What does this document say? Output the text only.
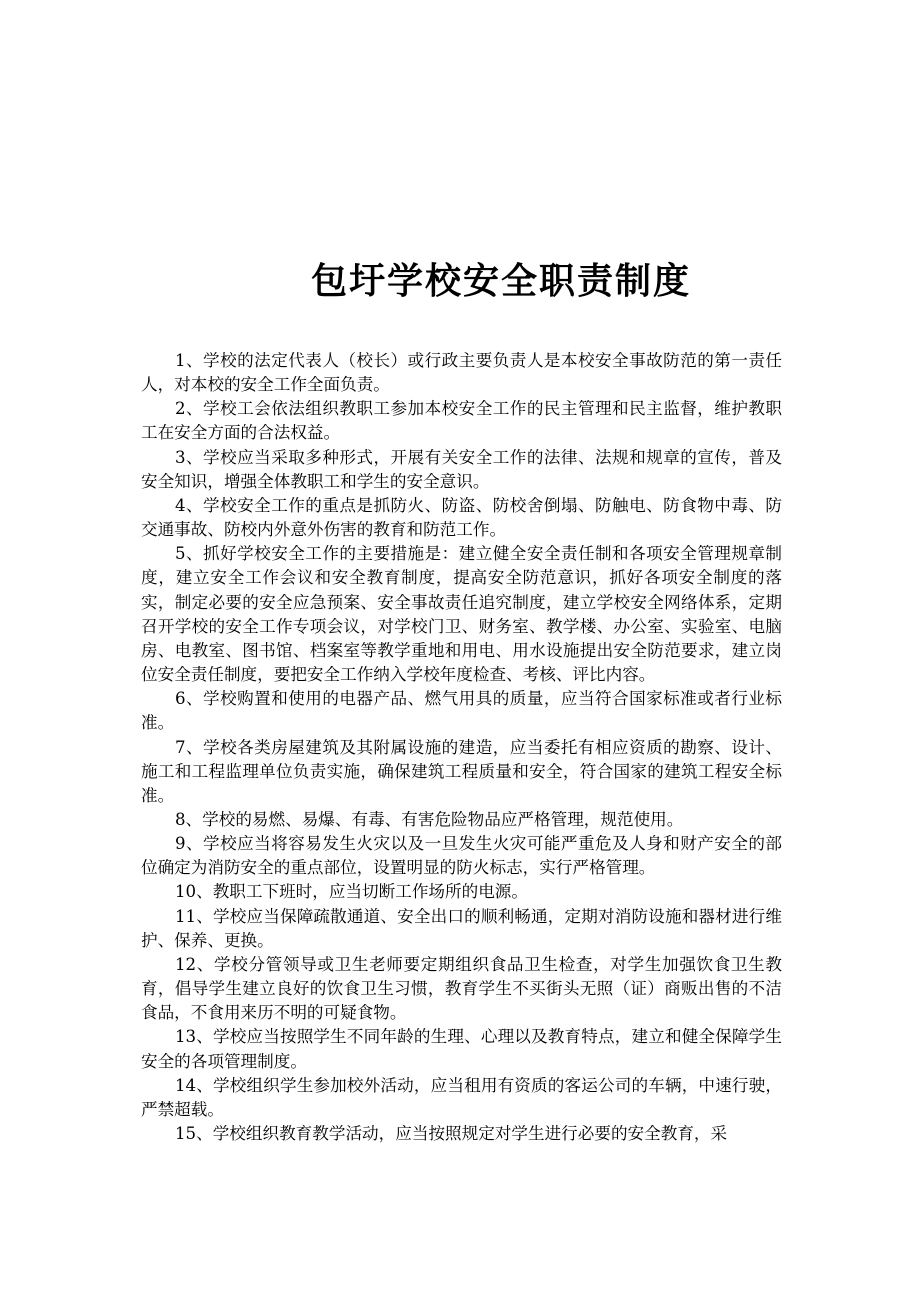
包圩学校安全职责制度

1、学校的法定代表人（校长）或行政主要负责人是本校安全事故防范的第一责任人，对本校的安全工作全面负责。

2、学校工会依法组织教职工参加本校安全工作的民主管理和民主监督，维护教职工在安全方面的合法权益。

3、学校应当采取多种形式，开展有关安全工作的法律、法规和规章的宣传，普及安全知识，增强全体教职工和学生的安全意识。

4、学校安全工作的重点是抓防火、防盗、防校舍倒塌、防触电、防食物中毒、防交通事故、防校内外意外伤害的教育和防范工作。

5、抓好学校安全工作的主要措施是：建立健全安全责任制和各项安全管理规章制度，建立安全工作会议和安全教育制度，提高安全防范意识，抓好各项安全制度的落实，制定必要的安全应急预案、安全事故责任追究制度，建立学校安全网络体系，定期召开学校的安全工作专项会议，对学校门卫、财务室、教学楼、办公室、实验室、电脑房、电教室、图书馆、档案室等教学重地和用电、用水设施提出安全防范要求，建立岗位安全责任制度，要把安全工作纳入学校年度检查、考核、评比内容。

6、学校购置和使用的电器产品、燃气用具的质量，应当符合国家标准或者行业标准。

7、学校各类房屋建筑及其附属设施的建造，应当委托有相应资质的勘察、设计、施工和工程监理单位负责实施，确保建筑工程质量和安全，符合国家的建筑工程安全标准。

8、学校的易燃、易爆、有毒、有害危险物品应严格管理，规范使用。

9、学校应当将容易发生火灾以及一旦发生火灾可能严重危及人身和财产安全的部位确定为消防安全的重点部位，设置明显的防火标志，实行严格管理。

10、教职工下班时，应当切断工作场所的电源。

11、学校应当保障疏散通道、安全出口的顺利畅通，定期对消防设施和器材进行维护、保养、更换。

12、学校分管领导或卫生老师要定期组织食品卫生检查，对学生加强饮食卫生教育，倡导学生建立良好的饮食卫生习惯，教育学生不买街头无照（证）商贩出售的不洁食品，不食用来历不明的可疑食物。

13、学校应当按照学生不同年龄的生理、心理以及教育特点，建立和健全保障学生安全的各项管理制度。

14、学校组织学生参加校外活动，应当租用有资质的客运公司的车辆，中速行驶，严禁超载。

15、学校组织教育教学活动，应当按照规定对学生进行必要的安全教育，采
